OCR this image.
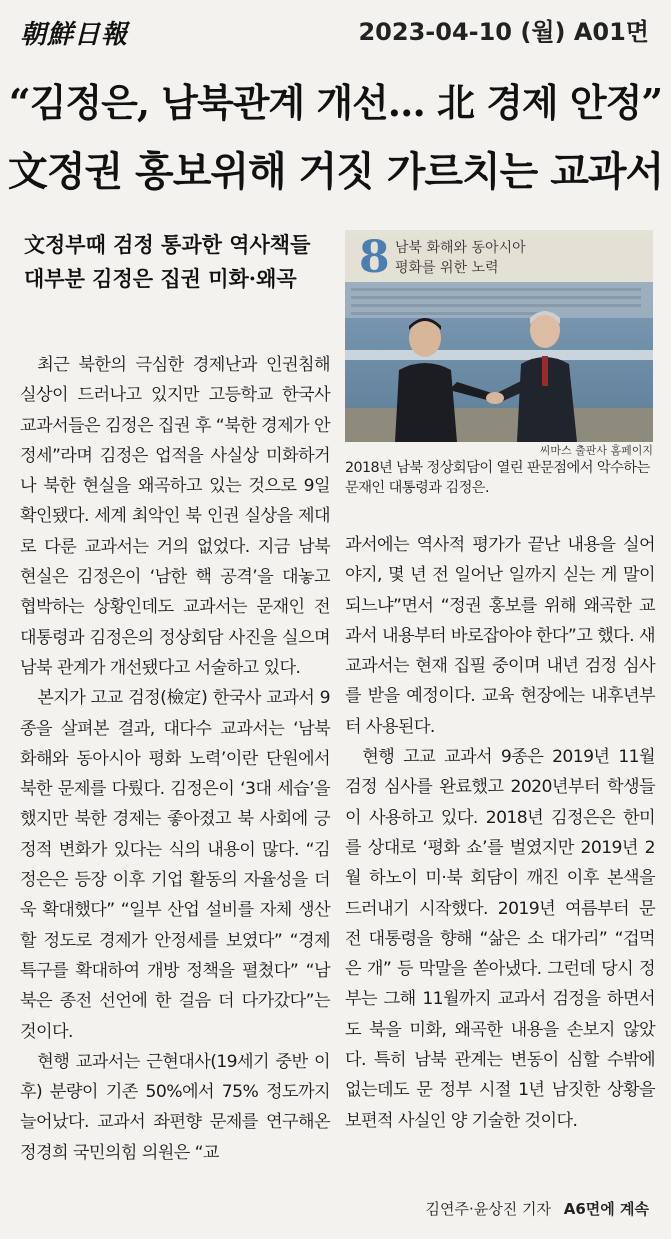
朝鮮日報	2023-04-10 (월) A01면
“김정은, 남북관계 개선… 北 경제 안정”
文정권 홍보위해 거짓 가르치는 교과서
文정부때 검정 통과한 역사책들
대부분 김정은 집권 미화·왜곡

최근 북한의 극심한 경제난과 인권침해 실상이 드러나고 있지만 고등학교 한국사 교과서들은 김정은 집권 후 “북한 경제가 안정세”라며 김정은 업적을 사실상 미화하거나 북한 현실을 왜곡하고 있는 것으로 9일 확인됐다. 세계 최악인 북 인권 실상을 제대로 다룬 교과서는 거의 없었다. 지금 남북 현실은 김정은이 ‘남한 핵 공격’을 대놓고 협박하는 상황인데도 교과서는 문재인 전 대통령과 김정은의 정상회담 사진을 실으며 남북 관계가 개선됐다고 서술하고 있다.

본지가 고교 검정(檢定) 한국사 교과서 9종을 살펴본 결과, 대다수 교과서는 ‘남북 화해와 동아시아 평화 노력’이란 단원에서 북한 문제를 다뤘다. 김정은이 ‘3대 세습’을 했지만 북한 경제는 좋아졌고 북 사회에 긍정적 변화가 있다는 식의 내용이 많다. “김정은은 등장 이후 기업 활동의 자율성을 더욱 확대했다” “일부 산업 설비를 자체 생산할 정도로 경제가 안정세를 보였다” “경제 특구를 확대하여 개방 정책을 펼쳤다” “남북은 종전 선언에 한 걸음 더 다가갔다”는 것이다.

현행 교과서는 근현대사(19세기 중반 이후) 분량이 기존 50%에서 75% 정도까지 늘어났다. 교과서 좌편향 문제를 연구해온 정경희 국민의힘 의원은 “교

8 남북 화해와 동아시아
평화를 위한 노력
씨마스 출판사 홈페이지
2018년 남북 정상회담이 열린 판문점에서 악수하는 문재인 대통령과 김정은.

과서에는 역사적 평가가 끝난 내용을 실어야지, 몇 년 전 일어난 일까지 싣는 게 말이 되느냐”면서 “정권 홍보를 위해 왜곡한 교과서 내용부터 바로잡아야 한다”고 했다. 새 교과서는 현재 집필 중이며 내년 검정 심사를 받을 예정이다. 교육 현장에는 내후년부터 사용된다.

현행 고교 교과서 9종은 2019년 11월 검정 심사를 완료했고 2020년부터 학생들이 사용하고 있다. 2018년 김정은은 한미를 상대로 ‘평화 쇼’를 벌였지만 2019년 2월 하노이 미·북 회담이 깨진 이후 본색을 드러내기 시작했다. 2019년 여름부터 문 전 대통령을 향해 “삶은 소 대가리” “겁먹은 개” 등 막말을 쏟아냈다. 그런데 당시 정부는 그해 11월까지 교과서 검정을 하면서도 북을 미화, 왜곡한 내용을 손보지 않았다. 특히 남북 관계는 변동이 심할 수밖에 없는데도 문 정부 시절 1년 남짓한 상황을 보편적 사실인 양 기술한 것이다.

김연주·윤상진 기자 A6면에 계속
